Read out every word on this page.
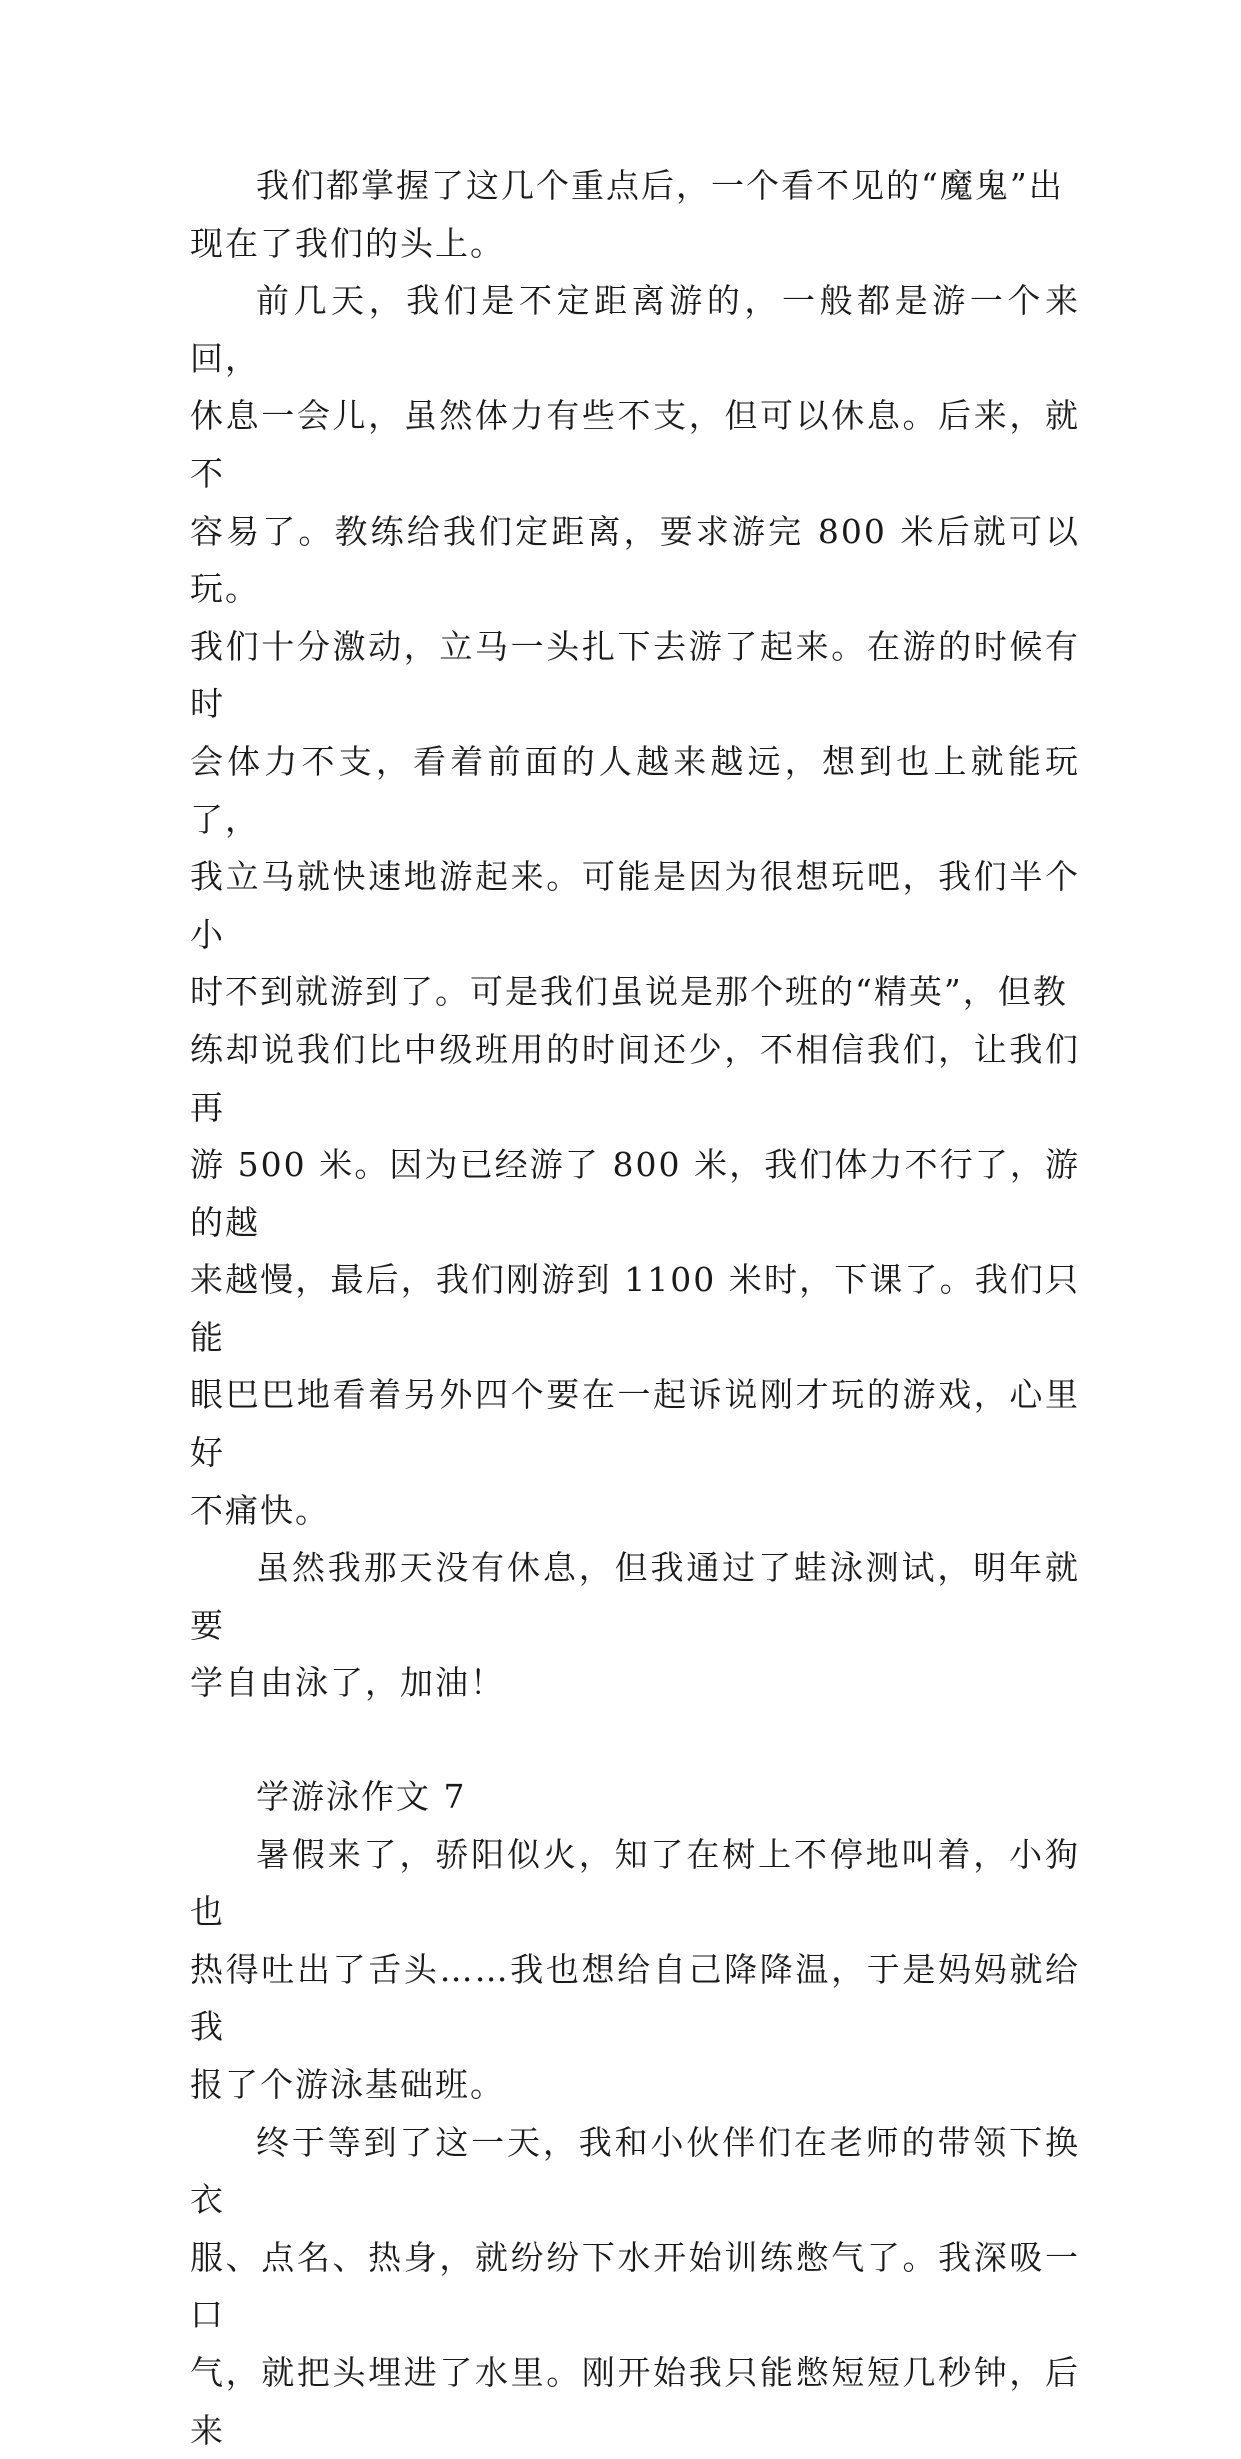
我们都掌握了这几个重点后，一个看不见的“魔鬼”出
现在了我们的头上。

前几天，我们是不定距离游的，一般都是游一个来回，
休息一会儿，虽然体力有些不支，但可以休息。后来，就不
容易了。教练给我们定距离，要求游完 800 米后就可以玩。
我们十分激动，立马一头扎下去游了起来。在游的时候有时
会体力不支，看着前面的人越来越远，想到也上就能玩了，
我立马就快速地游起来。可能是因为很想玩吧，我们半个小
时不到就游到了。可是我们虽说是那个班的“精英”，但教
练却说我们比中级班用的时间还少，不相信我们，让我们再
游 500 米。因为已经游了 800 米，我们体力不行了，游的越
来越慢，最后，我们刚游到 1100 米时，下课了。我们只能
眼巴巴地看着另外四个要在一起诉说刚才玩的游戏，心里好
不痛快。

虽然我那天没有休息，但我通过了蛙泳测试，明年就要
学自由泳了，加油！

学游泳作文 7

暑假来了，骄阳似火，知了在树上不停地叫着，小狗也
热得吐出了舌头……我也想给自己降降温，于是妈妈就给我
报了个游泳基础班。

终于等到了这一天，我和小伙伴们在老师的带领下换衣
服、点名、热身，就纷纷下水开始训练憋气了。我深吸一口
气，就把头埋进了水里。刚开始我只能憋短短几秒钟，后来
